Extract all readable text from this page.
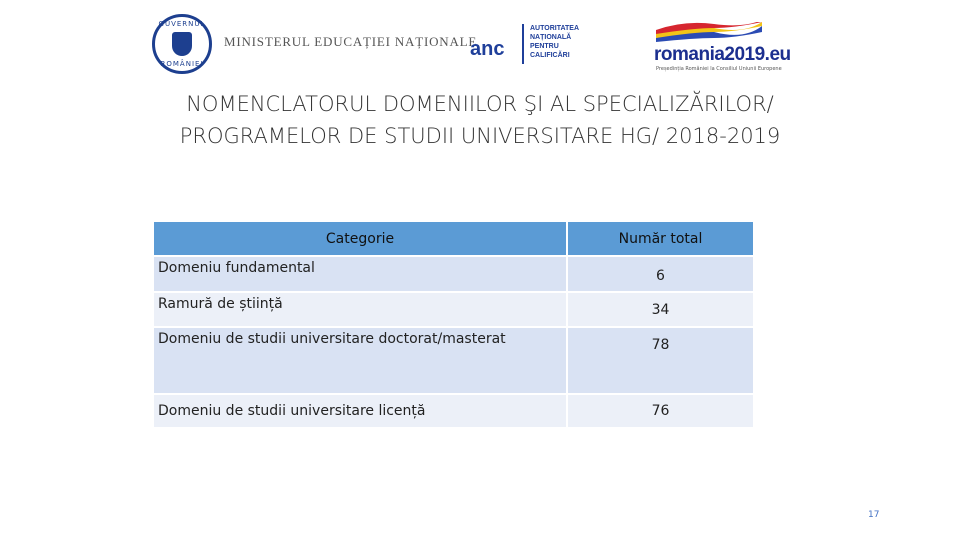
GUVERNUL
ROMÂNIEI
MINISTERUL EDUCAȚIEI NAȚIONALE
anc
AUTORITATEA
NAȚIONALĂ
PENTRU
CALIFICĂRI	romania2019.eu
Președinția României la Consiliul Uniunii Europene
NOMENCLATORUL DOMENIILOR ŞI AL SPECIALIZĂRILOR/
PROGRAMELOR DE STUDII UNIVERSITARE HG/ 2018-2019
Categorie	Număr total
Domeniu fundamental	6
Ramură de știință	34
Domeniu de studii universitare doctorat/masterat	78
Domeniu de studii universitare licență	76
17
